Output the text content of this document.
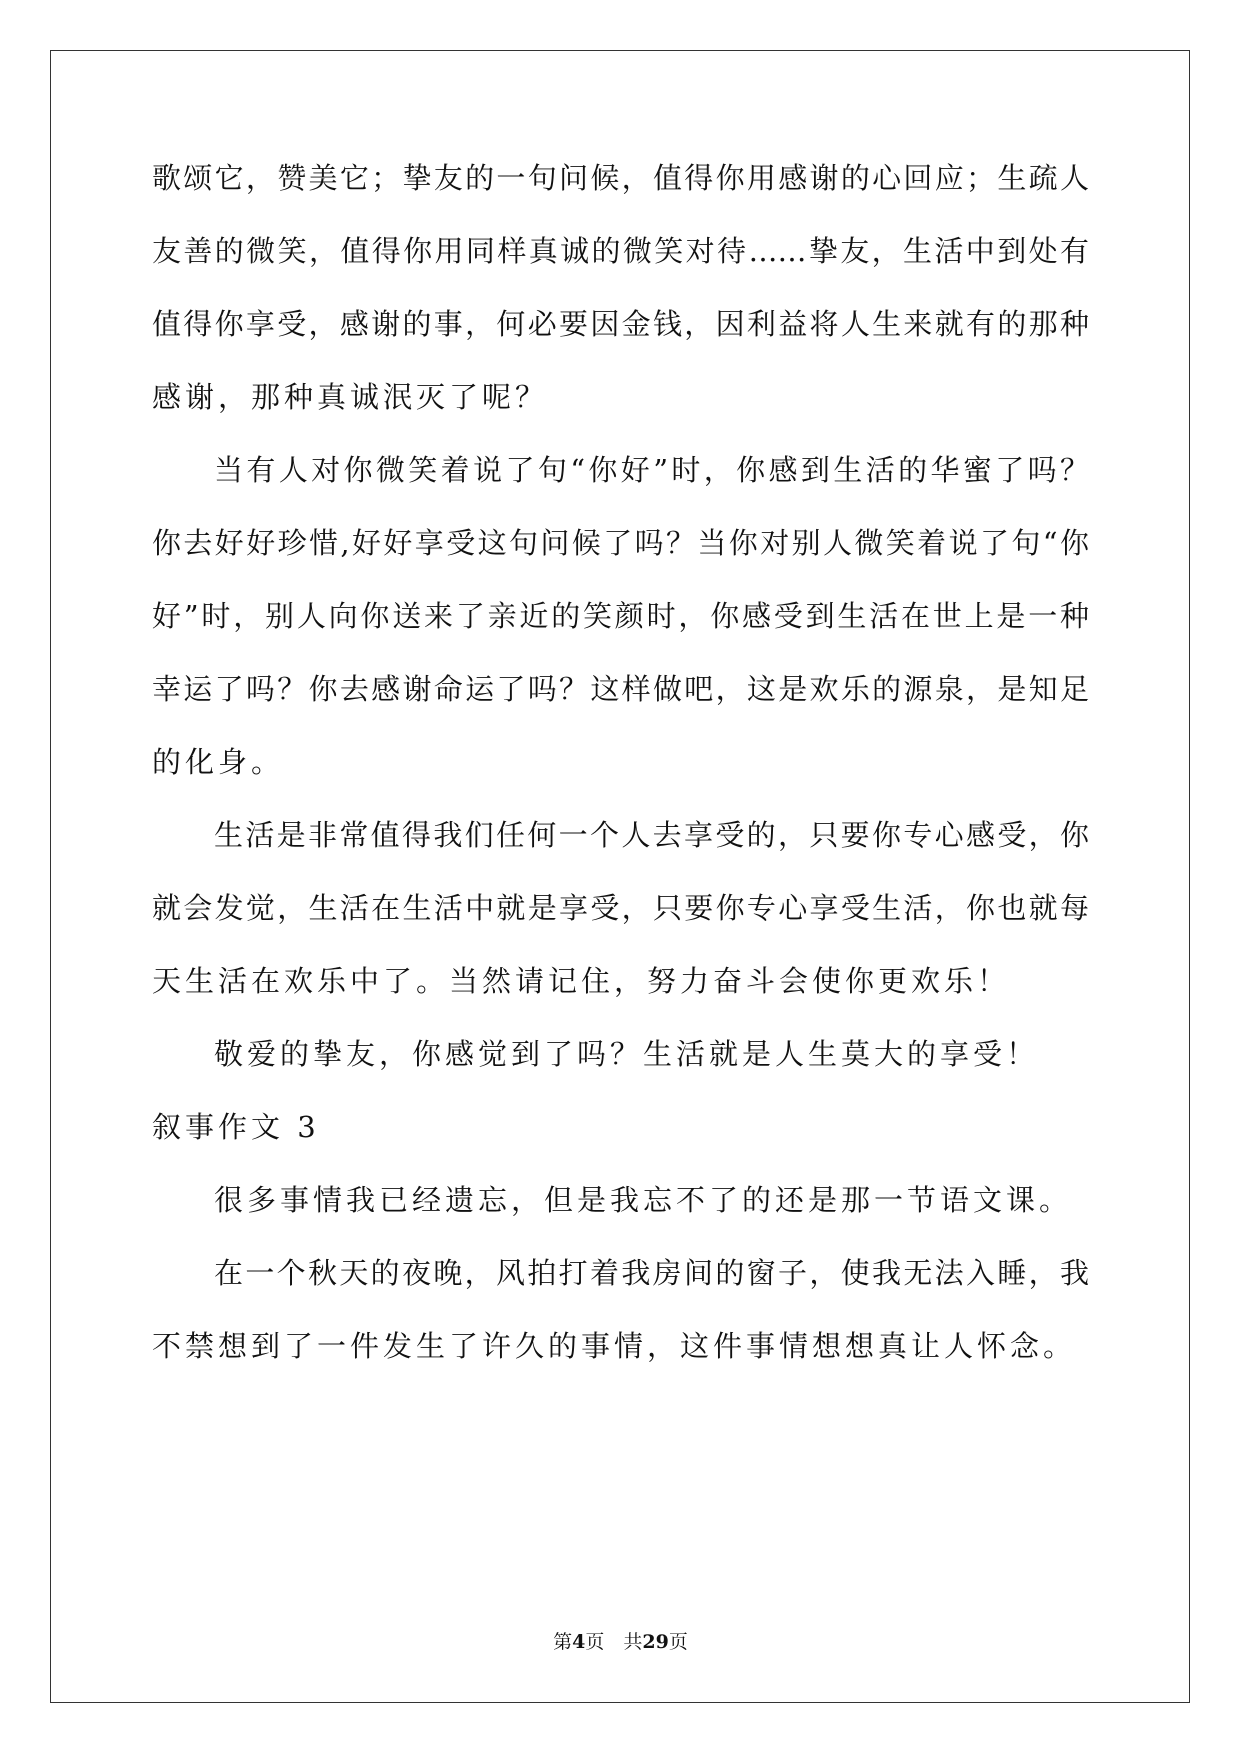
歌颂它，赞美它；挚友的一句问候，值得你用感谢的心回应；生疏人
友善的微笑，值得你用同样真诚的微笑对待……挚友，生活中到处有
值得你享受，感谢的事，何必要因金钱，因利益将人生来就有的那种
感谢，那种真诚泯灭了呢？
当有人对你微笑着说了句“你好”时，你感到生活的华蜜了吗？
你去好好珍惜,好好享受这句问候了吗？当你对别人微笑着说了句“你
好”时，别人向你送来了亲近的笑颜时，你感受到生活在世上是一种
幸运了吗？你去感谢命运了吗？这样做吧，这是欢乐的源泉，是知足
的化身。
生活是非常值得我们任何一个人去享受的，只要你专心感受，你
就会发觉，生活在生活中就是享受，只要你专心享受生活，你也就每
天生活在欢乐中了。当然请记住，努力奋斗会使你更欢乐！
敬爱的挚友，你感觉到了吗？生活就是人生莫大的享受！
叙事作文 3
很多事情我已经遗忘，但是我忘不了的还是那一节语文课。
在一个秋天的夜晚，风拍打着我房间的窗子，使我无法入睡，我
不禁想到了一件发生了许久的事情，这件事情想想真让人怀念。
第4页　共29页
